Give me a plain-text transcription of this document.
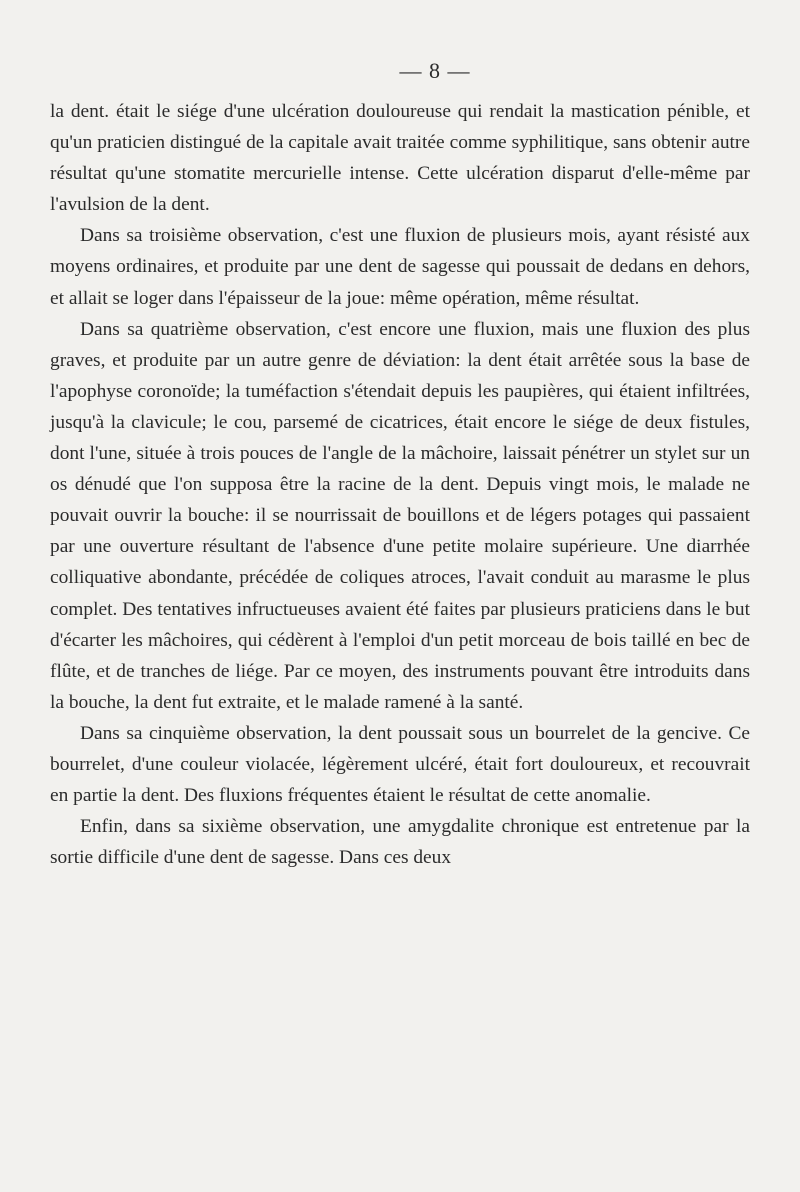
— 8 —

la dent. était le siége d'une ulcération douloureuse qui rendait la mastication pénible, et qu'un praticien distingué de la capitale avait traitée comme syphilitique, sans obtenir autre résultat qu'une stomatite mercurielle intense. Cette ulcération disparut d'elle-même par l'avulsion de la dent.

Dans sa troisième observation, c'est une fluxion de plusieurs mois, ayant résisté aux moyens ordinaires, et produite par une dent de sagesse qui poussait de dedans en dehors, et allait se loger dans l'épaisseur de la joue: même opération, même résultat.

Dans sa quatrième observation, c'est encore une fluxion, mais une fluxion des plus graves, et produite par un autre genre de déviation: la dent était arrêtée sous la base de l'apophyse coronoïde; la tuméfaction s'étendait depuis les paupières, qui étaient infiltrées, jusqu'à la clavicule; le cou, parsemé de cicatrices, était encore le siége de deux fistules, dont l'une, située à trois pouces de l'angle de la mâchoire, laissait pénétrer un stylet sur un os dénudé que l'on supposa être la racine de la dent. Depuis vingt mois, le malade ne pouvait ouvrir la bouche: il se nourrissait de bouillons et de légers potages qui passaient par une ouverture résultant de l'absence d'une petite molaire supérieure. Une diarrhée colliquative abondante, précédée de coliques atroces, l'avait conduit au marasme le plus complet. Des tentatives infructueuses avaient été faites par plusieurs praticiens dans le but d'écarter les mâchoires, qui cédèrent à l'emploi d'un petit morceau de bois taillé en bec de flûte, et de tranches de liége. Par ce moyen, des instruments pouvant être introduits dans la bouche, la dent fut extraite, et le malade ramené à la santé.

Dans sa cinquième observation, la dent poussait sous un bourrelet de la gencive. Ce bourrelet, d'une couleur violacée, légèrement ulcéré, était fort douloureux, et recouvrait en partie la dent. Des fluxions fréquentes étaient le résultat de cette anomalie.

Enfin, dans sa sixième observation, une amygdalite chronique est entretenue par la sortie difficile d'une dent de sagesse. Dans ces deux
